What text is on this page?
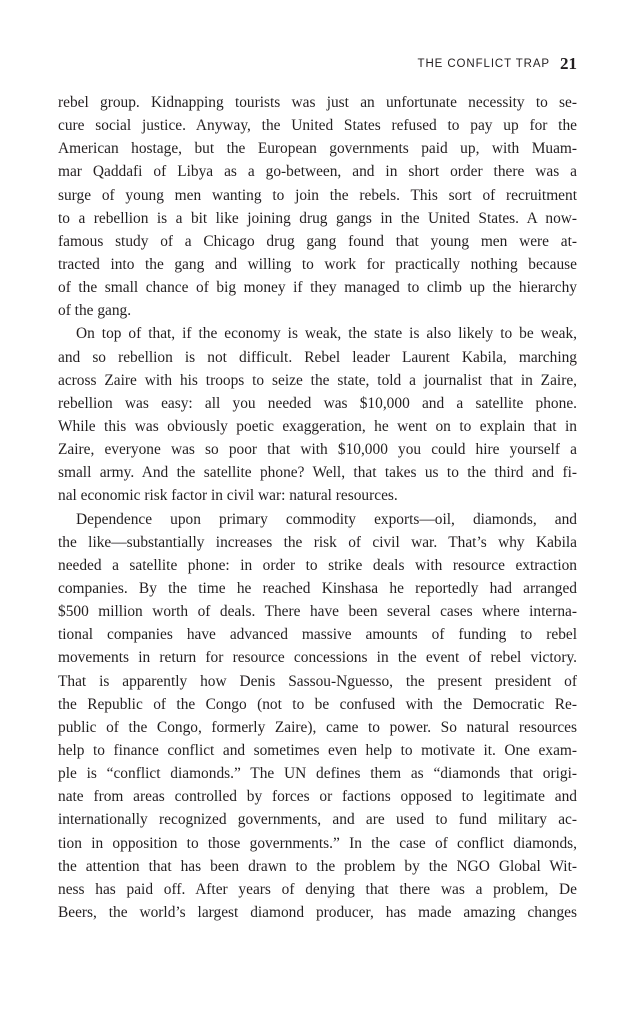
THE CONFLICT TRAP 21
rebel group. Kidnapping tourists was just an unfortunate necessity to se-
cure social justice. Anyway, the United States refused to pay up for the
American hostage, but the European governments paid up, with Muam-
mar Qaddafi of Libya as a go-between, and in short order there was a
surge of young men wanting to join the rebels. This sort of recruitment
to a rebellion is a bit like joining drug gangs in the United States. A now-
famous study of a Chicago drug gang found that young men were at-
tracted into the gang and willing to work for practically nothing because
of the small chance of big money if they managed to climb up the hierarchy
of the gang.
On top of that, if the economy is weak, the state is also likely to be weak,
and so rebellion is not difficult. Rebel leader Laurent Kabila, marching
across Zaire with his troops to seize the state, told a journalist that in Zaire,
rebellion was easy: all you needed was $10,000 and a satellite phone.
While this was obviously poetic exaggeration, he went on to explain that in
Zaire, everyone was so poor that with $10,000 you could hire yourself a
small army. And the satellite phone? Well, that takes us to the third and fi-
nal economic risk factor in civil war: natural resources.
Dependence upon primary commodity exports—oil, diamonds, and
the like—substantially increases the risk of civil war. That’s why Kabila
needed a satellite phone: in order to strike deals with resource extraction
companies. By the time he reached Kinshasa he reportedly had arranged
$500 million worth of deals. There have been several cases where interna-
tional companies have advanced massive amounts of funding to rebel
movements in return for resource concessions in the event of rebel victory.
That is apparently how Denis Sassou-Nguesso, the present president of
the Republic of the Congo (not to be confused with the Democratic Re-
public of the Congo, formerly Zaire), came to power. So natural resources
help to finance conflict and sometimes even help to motivate it. One exam-
ple is “conflict diamonds.” The UN defines them as “diamonds that origi-
nate from areas controlled by forces or factions opposed to legitimate and
internationally recognized governments, and are used to fund military ac-
tion in opposition to those governments.” In the case of conflict diamonds,
the attention that has been drawn to the problem by the NGO Global Wit-
ness has paid off. After years of denying that there was a problem, De
Beers, the world’s largest diamond producer, has made amazing changes
